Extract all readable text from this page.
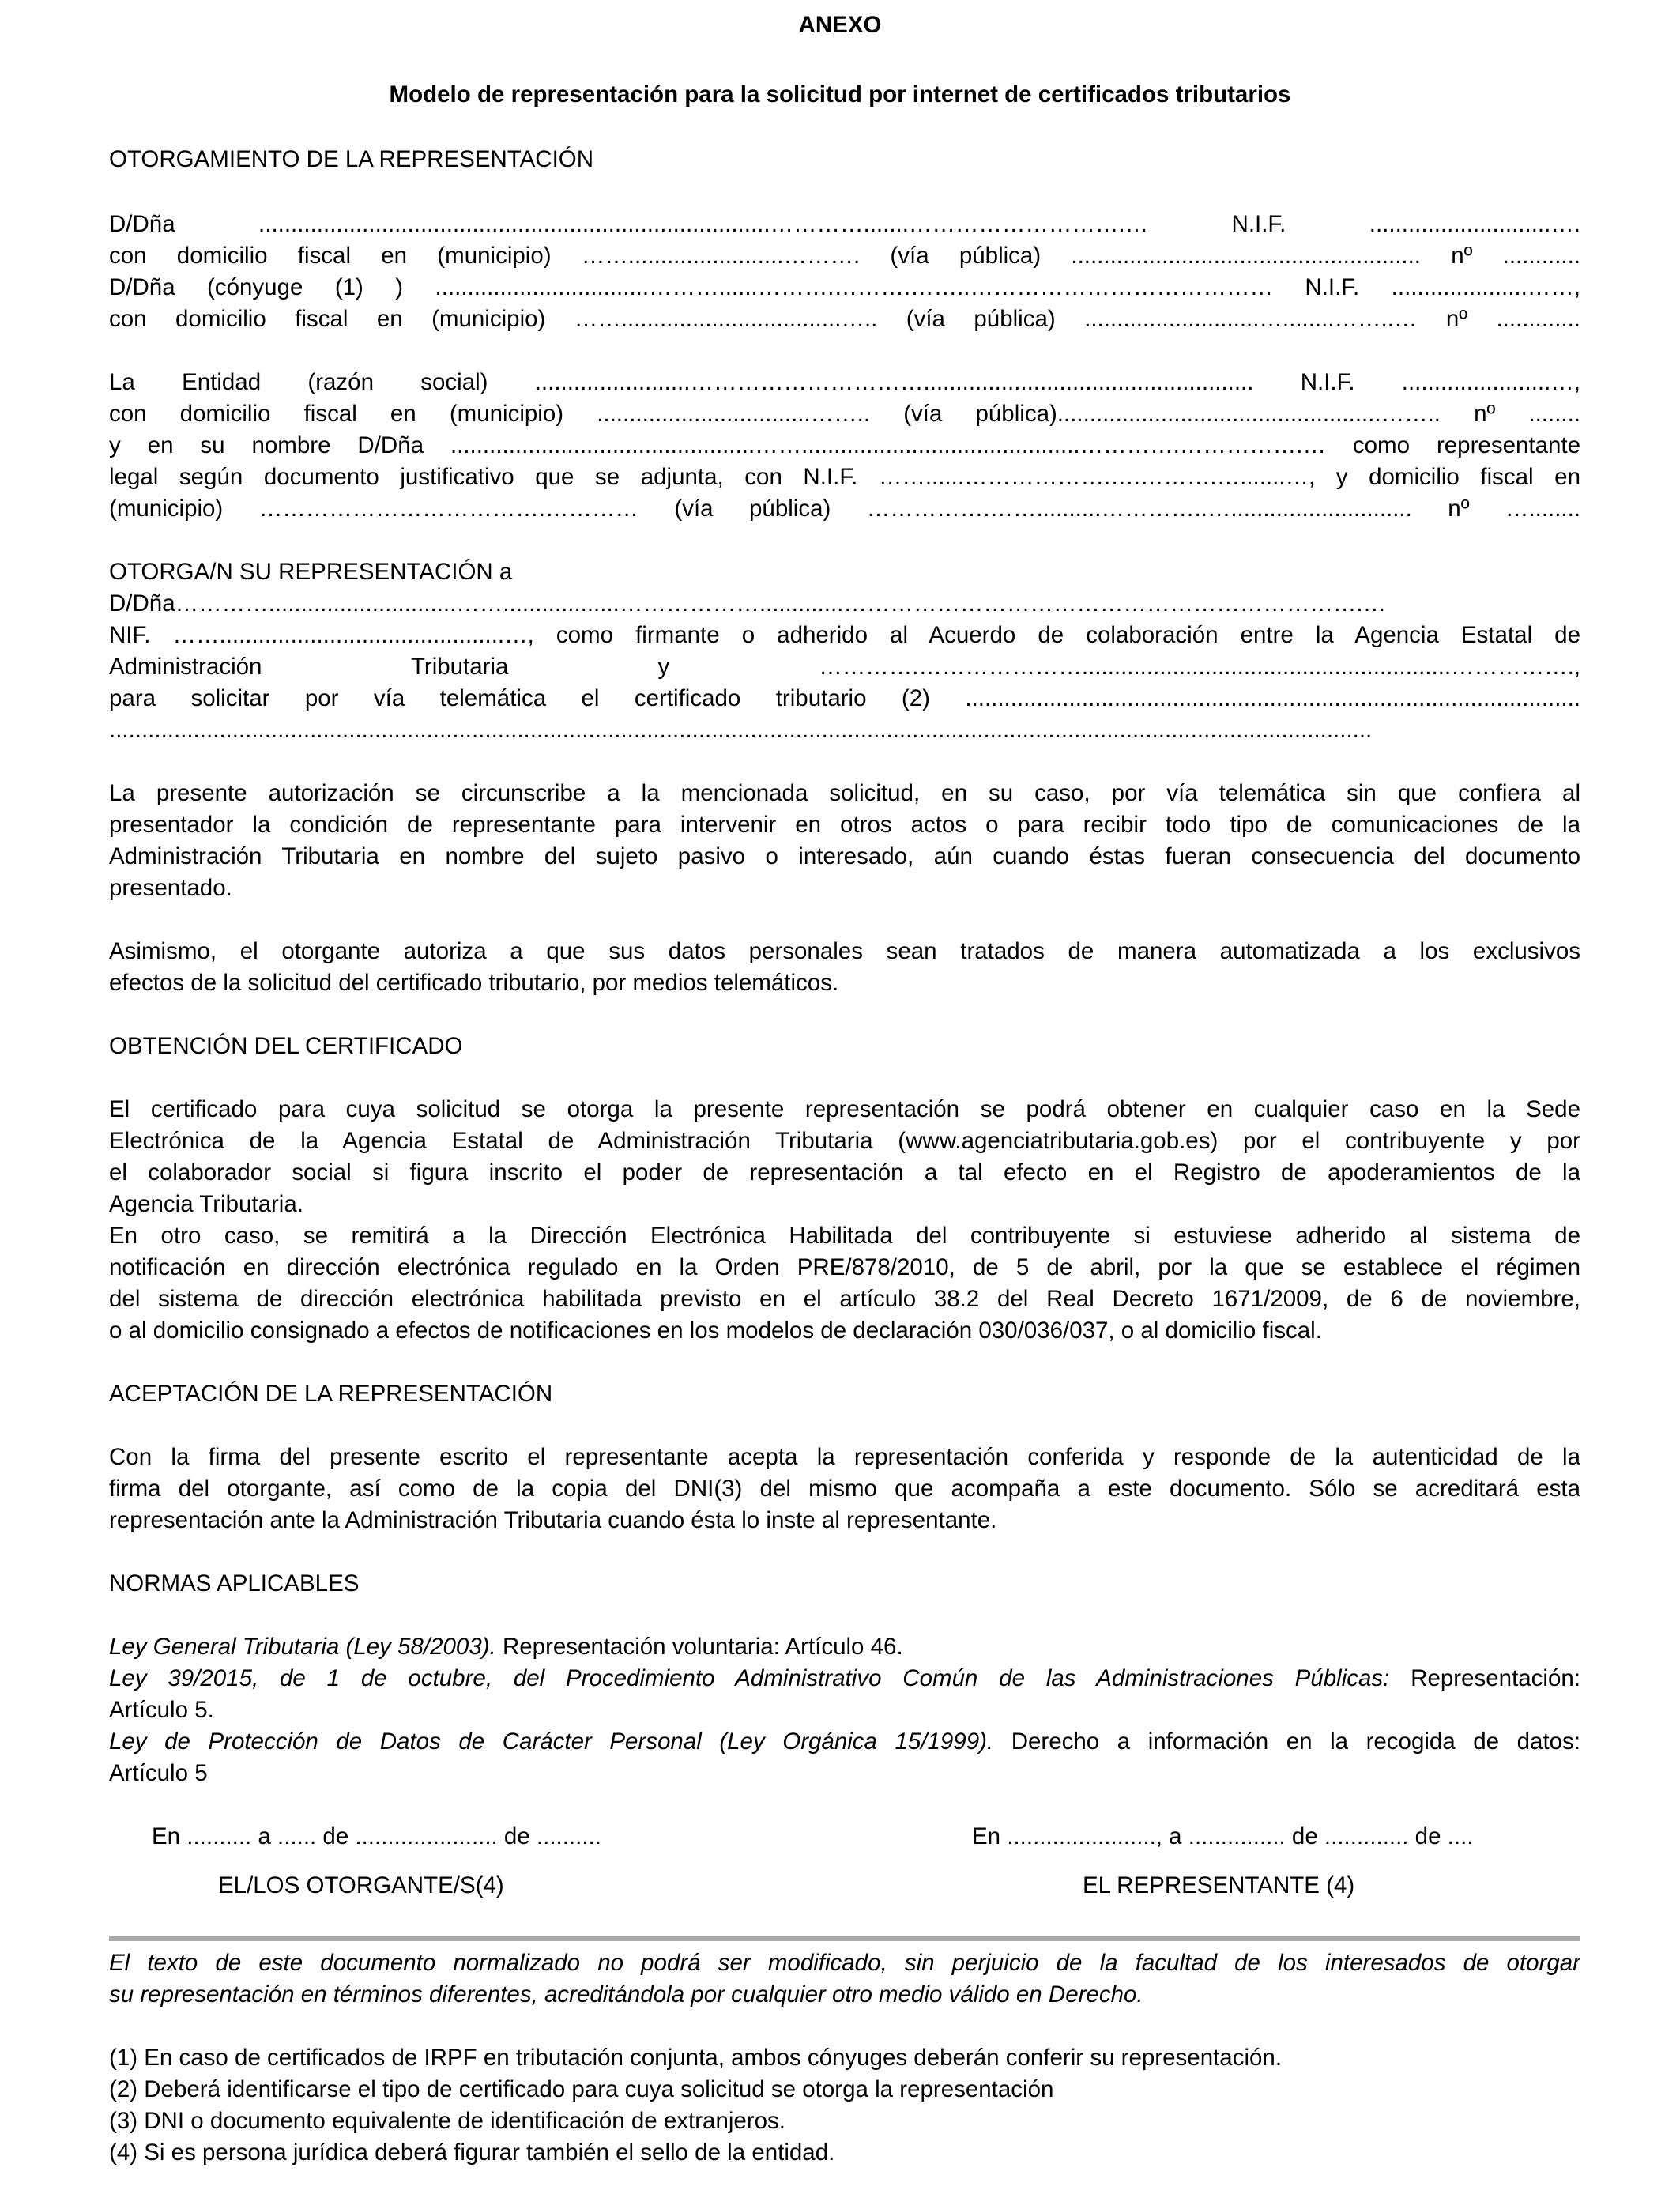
ANEXO
Modelo de representación para la solicitud por internet de certificados tributarios
OTORGAMIENTO DE LA REPRESENTACIÓN
D/Dña ...............................................................................………….......……………………….… N.I.F. ............................….
con domicilio fiscal en (municipio) ……........................………. (vía pública) ...................................................... nº ............
D/Dña (cónyuge (1) ) .................................………......……….……….……..………………………………… N.I.F. .....................……,
con domicilio fiscal en (municipio) ……..................................….. (vía pública) ...........................…........……..… nº .............
La Entidad (razón social) ........................…………………………................................................... N.I.F. .......................…,
con domicilio fiscal en (municipio) .................................…….. (vía pública)..................................................…….. nº ........
y en su nombre D/Dña ...............................................……...........................................………….…………….… como representante
legal según documento justificativo que se adjunta, con N.I.F. ……......……………….….……….….......…, y domicilio fiscal en
(municipio) ……………………………….………… (vía pública) …………….……..........…………..…............................ nº …........
OTORGA/N SU REPRESENTACIÓN a
D/Dña………….............................……..................……………….............………………………………………………………….…
NIF. ……............................................…, como firmante o adherido al Acuerdo de colaboración entre la Agencia Estatal de
Administración Tributaria y ………….………………….........................................................…………….,
para solicitar por vía telemática el certificado tributario (2) ...............................................................................................
...................................................................................................................................................................................................

La presente autorización se circunscribe a la mencionada solicitud, en su caso, por vía telemática sin que confiera al

presentador la condición de representante para intervenir en otros actos o para recibir todo tipo de comunicaciones de la

Administración Tributaria en nombre del sujeto pasivo o interesado, aún cuando éstas fueran consecuencia del documento

presentado.

Asimismo, el otorgante autoriza a que sus datos personales sean tratados de manera automatizada a los exclusivos

efectos de la solicitud del certificado tributario, por medios telemáticos.

OBTENCIÓN DEL CERTIFICADO

El certificado para cuya solicitud se otorga la presente representación se podrá obtener en cualquier caso en la Sede

Electrónica de la Agencia Estatal de Administración Tributaria (www.agenciatributaria.gob.es) por el contribuyente y por

el colaborador social si figura inscrito el poder de representación a tal efecto en el Registro de apoderamientos de la

Agencia Tributaria.

En otro caso, se remitirá a la Dirección Electrónica Habilitada del contribuyente si estuviese adherido al sistema de

notificación en dirección electrónica regulado en la Orden PRE/878/2010, de 5 de abril, por la que se establece el régimen

del sistema de dirección electrónica habilitada previsto en el artículo 38.2 del Real Decreto 1671/2009, de 6 de noviembre,

o al domicilio consignado a efectos de notificaciones en los modelos de declaración 030/036/037, o al domicilio fiscal.

ACEPTACIÓN DE LA REPRESENTACIÓN

Con la firma del presente escrito el representante acepta la representación conferida y responde de la autenticidad de la

firma del otorgante, así como de la copia del DNI(3) del mismo que acompaña a este documento. Sólo se acreditará esta

representación ante la Administración Tributaria cuando ésta lo inste al representante.

NORMAS APLICABLES

Ley General Tributaria (Ley 58/2003). Representación voluntaria: Artículo 46.

Ley 39/2015, de 1 de octubre, del Procedimiento Administrativo Común de las Administraciones Públicas: Representación:

Artículo 5.

Ley de Protección de Datos de Carácter Personal (Ley Orgánica 15/1999). Derecho a información en la recogida de datos:

Artículo 5

En .......... a ...... de ...................... de ..........	En ......................., a ............... de ............. de ....
EL/LOS OTORGANTE/S(4)	EL REPRESENTANTE (4)

El texto de este documento normalizado no podrá ser modificado, sin perjuicio de la facultad de los interesados de otorgar

su representación en términos diferentes, acreditándola por cualquier otro medio válido en Derecho.

(1) En caso de certificados de IRPF en tributación conjunta, ambos cónyuges deberán conferir su representación.

(2) Deberá identificarse el tipo de certificado para cuya solicitud se otorga la representación

(3) DNI o documento equivalente de identificación de extranjeros.

(4) Si es persona jurídica deberá figurar también el sello de la entidad.
